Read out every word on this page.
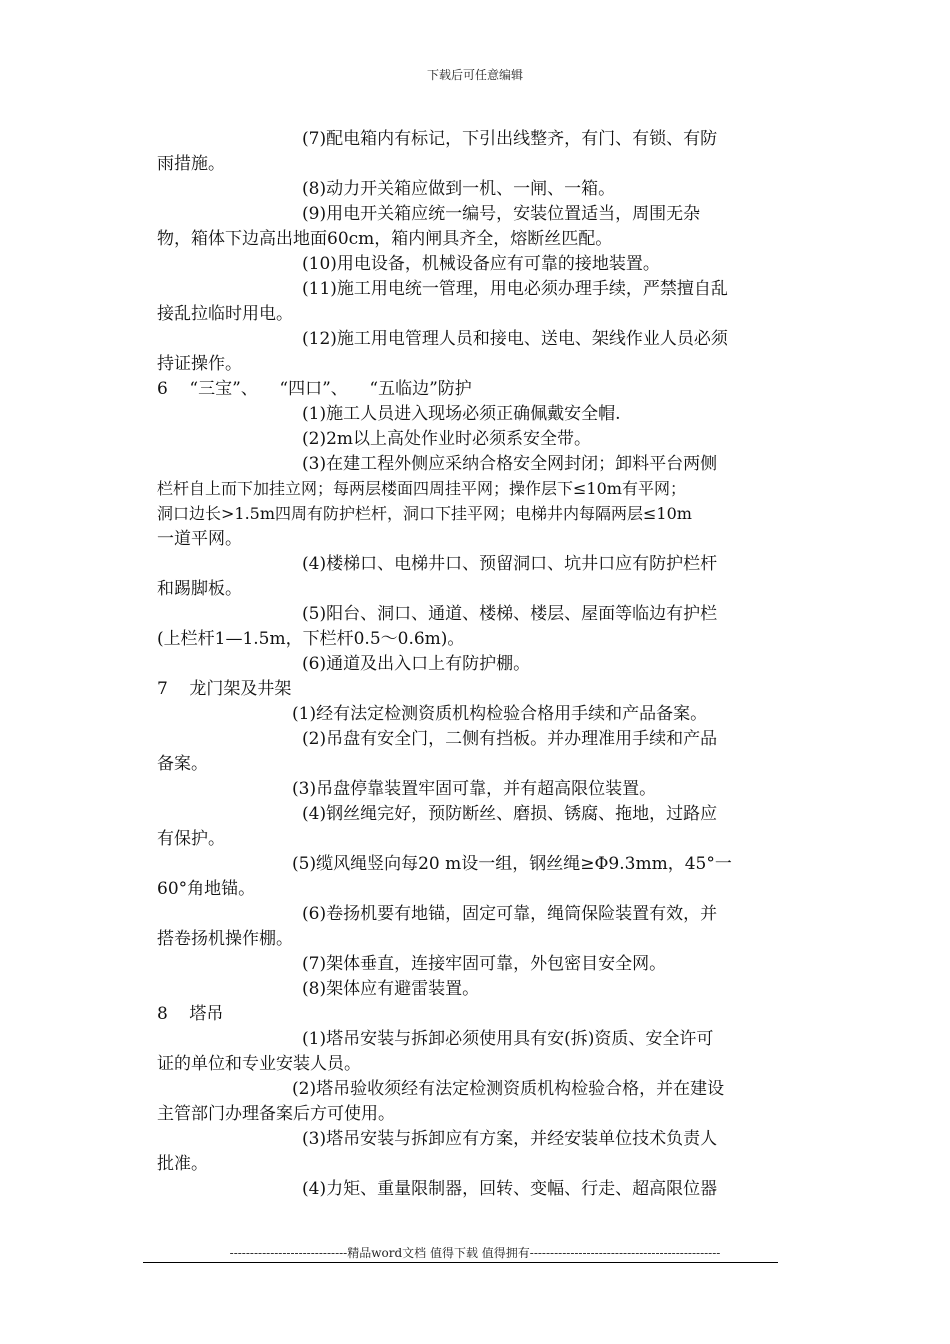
下载后可任意编辑
(7)配电箱内有标记，下引出线整齐，有门、有锁、有防
雨措施。
(8)动力开关箱应做到一机、一闸、一箱。
(9)用电开关箱应统一编号，安装位置适当，周围无杂
物，箱体下边高出地面60cm，箱内闸具齐全，熔断丝匹配。
(10)用电设备，机械设备应有可靠的接地装置。
(11)施工用电统一管理，用电必须办理手续，严禁擅自乱
接乱拉临时用电。
(12)施工用电管理人员和接电、送电、架线作业人员必须
持证操作。
6    “三宝”、    “四口”、    “五临边”防护
(1)施工人员进入现场必须正确佩戴安全帽.
(2)2m以上高处作业时必须系安全带。
(3)在建工程外侧应采纳合格安全网封闭；卸料平台两侧
栏杆自上而下加挂立网；每两层楼面四周挂平网；操作层下≤10m有平网；
洞口边长>1.5m四周有防护栏杆，洞口下挂平网；电梯井内每隔两层≤10m
一道平网。
(4)楼梯口、电梯井口、预留洞口、坑井口应有防护栏杆
和踢脚板。
(5)阳台、洞口、通道、楼梯、楼层、屋面等临边有护栏
(上栏杆1—1.5m，下栏杆0.5～0.6m)。
(6)通道及出入口上有防护棚。
7    龙门架及井架
(1)经有法定检测资质机构检验合格用手续和产品备案。
(2)吊盘有安全门，二侧有挡板。并办理准用手续和产品
备案。
(3)吊盘停靠装置牢固可靠，并有超高限位装置。
(4)钢丝绳完好，预防断丝、磨损、锈腐、拖地，过路应
有保护。
(5)缆风绳竖向每20 m设一组，钢丝绳≥Φ9.3mm，45°一
60°角地锚。
(6)卷扬机要有地锚，固定可靠，绳筒保险装置有效，并
搭卷扬机操作棚。
(7)架体垂直，连接牢固可靠，外包密目安全网。
(8)架体应有避雷装置。
8    塔吊
(1)塔吊安装与拆卸必须使用具有安(拆)资质、安全许可
证的单位和专业安装人员。
(2)塔吊验收须经有法定检测资质机构检验合格，并在建设
主管部门办理备案后方可使用。
(3)塔吊安装与拆卸应有方案，并经安装单位技术负责人
批准。
(4)力矩、重量限制器，回转、变幅、行走、超高限位器
-----------------------------精品word文档 值得下载 值得拥有-----------------------------------------------
